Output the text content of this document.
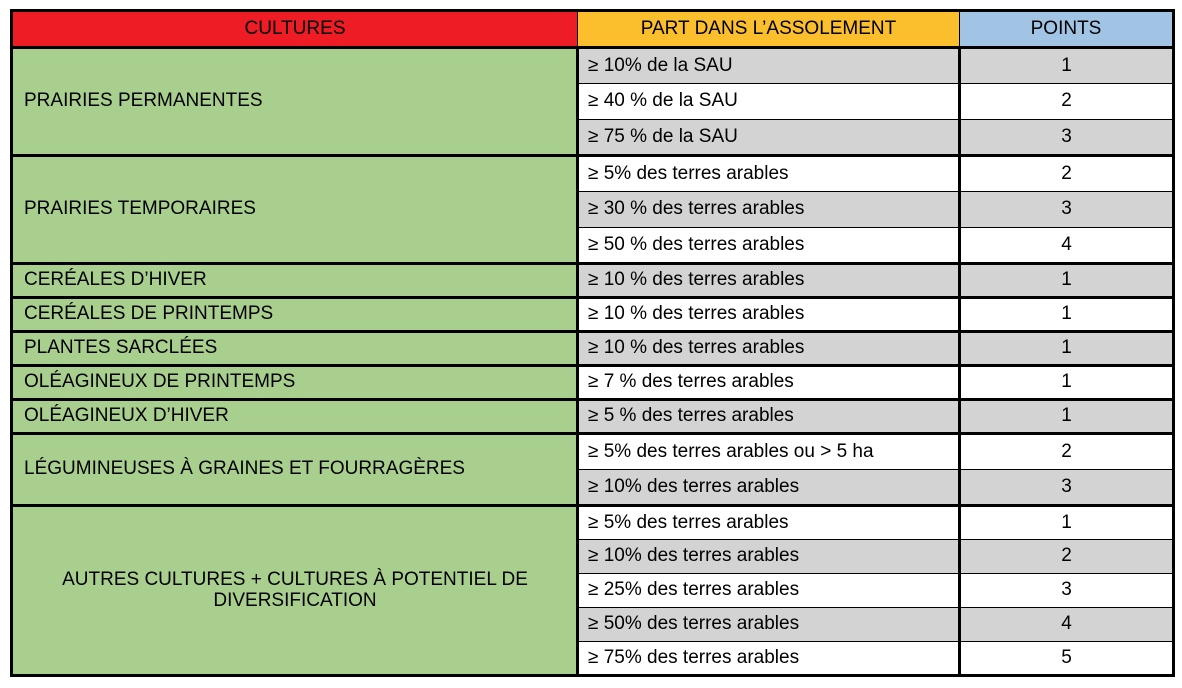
CULTURES	PART DANS L’ASSOLEMENT	POINTS
PRAIRIES PERMANENTES	≥ 10% de la SAU	1
	≥ 40 % de la SAU	2
	≥ 75 % de la SAU	3
PRAIRIES TEMPORAIRES	≥ 5% des terres arables	2
	≥ 30 % des terres arables	3
	≥ 50 % des terres arables	4
CERÉALES D’HIVER	≥ 10 % des terres arables	1
CERÉALES DE PRINTEMPS	≥ 10 % des terres arables	1
PLANTES SARCLÉES	≥ 10 % des terres arables	1
OLÉAGINEUX DE PRINTEMPS	≥ 7 % des terres arables	1
OLÉAGINEUX D’HIVER	≥ 5 % des terres arables	1
LÉGUMINEUSES À GRAINES ET FOURRAGÈRES	≥ 5% des terres arables ou > 5 ha	2
	≥ 10% des terres arables	3
AUTRES CULTURES + CULTURES À POTENTIEL DE DIVERSIFICATION	≥ 5% des terres arables	1
	≥ 10% des terres arables	2
	≥ 25% des terres arables	3
	≥ 50% des terres arables	4
	≥ 75% des terres arables	5
